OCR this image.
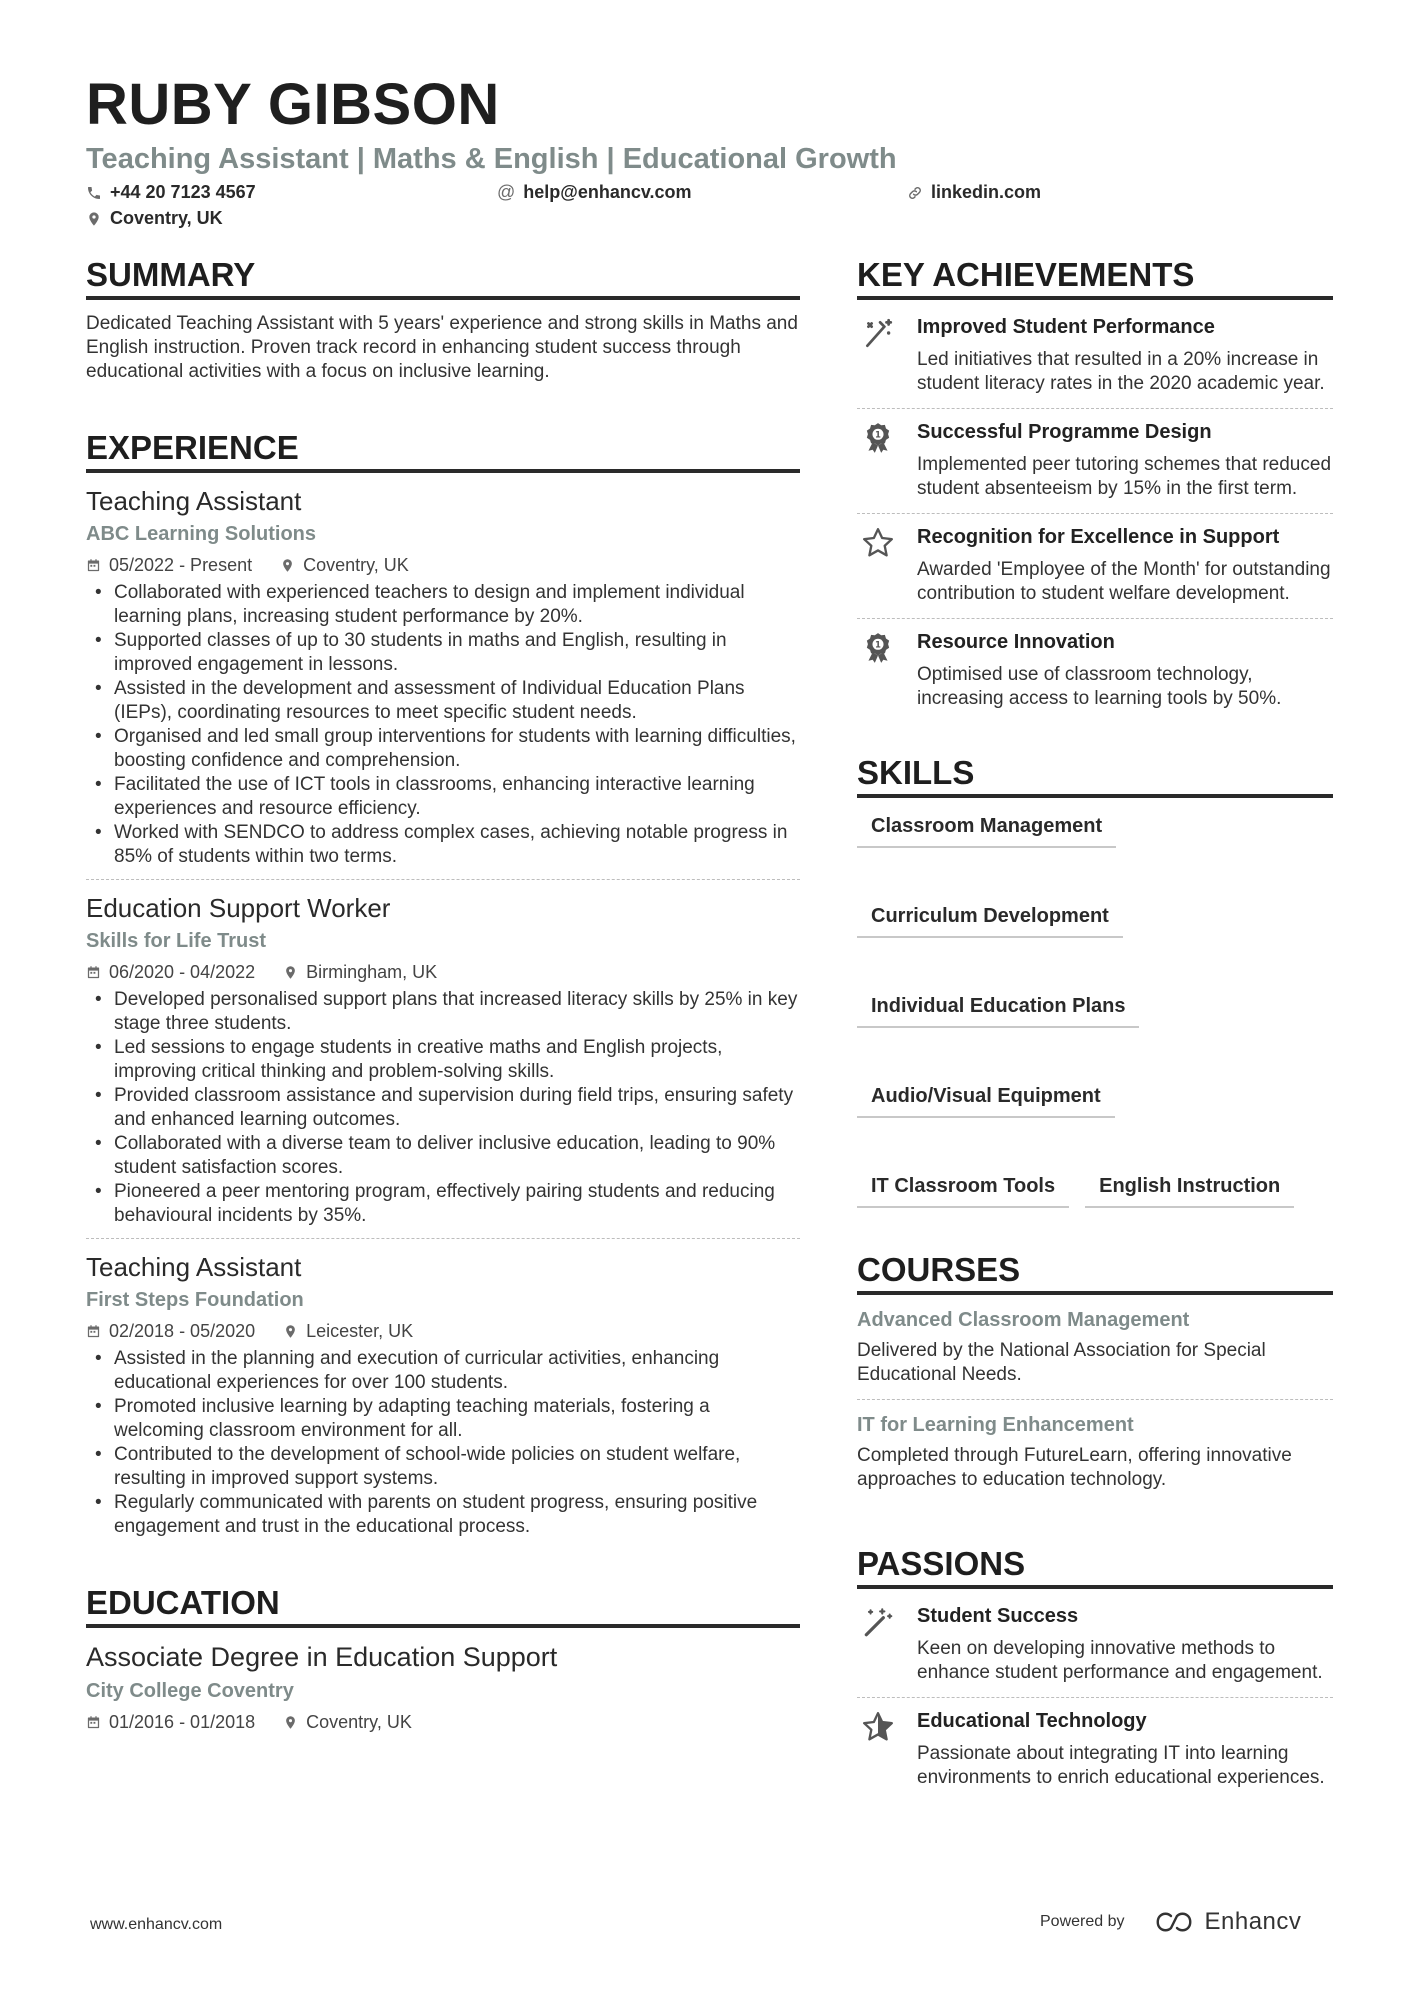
RUBY GIBSON
Teaching Assistant | Maths & English | Educational Growth
+44 20 7123 4567	@ help@enhancv.com	linkedin.com
Coventry, UK
SUMMARY
Dedicated Teaching Assistant with 5 years' experience and strong skills in Maths and English instruction. Proven track record in enhancing student success through educational activities with a focus on inclusive learning.
EXPERIENCE
Teaching Assistant
ABC Learning Solutions
05/2022 - Present	Coventry, UK
• Collaborated with experienced teachers to design and implement individual learning plans, increasing student performance by 20%.
• Supported classes of up to 30 students in maths and English, resulting in improved engagement in lessons.
• Assisted in the development and assessment of Individual Education Plans (IEPs), coordinating resources to meet specific student needs.
• Organised and led small group interventions for students with learning difficulties, boosting confidence and comprehension.
• Facilitated the use of ICT tools in classrooms, enhancing interactive learning experiences and resource efficiency.
• Worked with SENDCO to address complex cases, achieving notable progress in 85% of students within two terms.
Education Support Worker
Skills for Life Trust
06/2020 - 04/2022	Birmingham, UK
• Developed personalised support plans that increased literacy skills by 25% in key stage three students.
• Led sessions to engage students in creative maths and English projects, improving critical thinking and problem-solving skills.
• Provided classroom assistance and supervision during field trips, ensuring safety and enhanced learning outcomes.
• Collaborated with a diverse team to deliver inclusive education, leading to 90% student satisfaction scores.
• Pioneered a peer mentoring program, effectively pairing students and reducing behavioural incidents by 35%.
Teaching Assistant
First Steps Foundation
02/2018 - 05/2020	Leicester, UK
• Assisted in the planning and execution of curricular activities, enhancing educational experiences for over 100 students.
• Promoted inclusive learning by adapting teaching materials, fostering a welcoming classroom environment for all.
• Contributed to the development of school-wide policies on student welfare, resulting in improved support systems.
• Regularly communicated with parents on student progress, ensuring positive engagement and trust in the educational process.
EDUCATION
Associate Degree in Education Support
City College Coventry
01/2016 - 01/2018	Coventry, UK
KEY ACHIEVEMENTS
Improved Student Performance
Led initiatives that resulted in a 20% increase in student literacy rates in the 2020 academic year.
1 Successful Programme Design
Implemented peer tutoring schemes that reduced student absenteeism by 15% in the first term.
Recognition for Excellence in Support
Awarded 'Employee of the Month' for outstanding contribution to student welfare development.
1 Resource Innovation
Optimised use of classroom technology, increasing access to learning tools by 50%.
SKILLS
Classroom Management
Curriculum Development
Individual Education Plans
Audio/Visual Equipment
IT Classroom Tools	English Instruction
COURSES
Advanced Classroom Management
Delivered by the National Association for Special Educational Needs.
IT for Learning Enhancement
Completed through FutureLearn, offering innovative approaches to education technology.
PASSIONS
Student Success
Keen on developing innovative methods to enhance student performance and engagement.
Educational Technology
Passionate about integrating IT into learning environments to enrich educational experiences.
www.enhancv.com	Powered by	Enhancv
